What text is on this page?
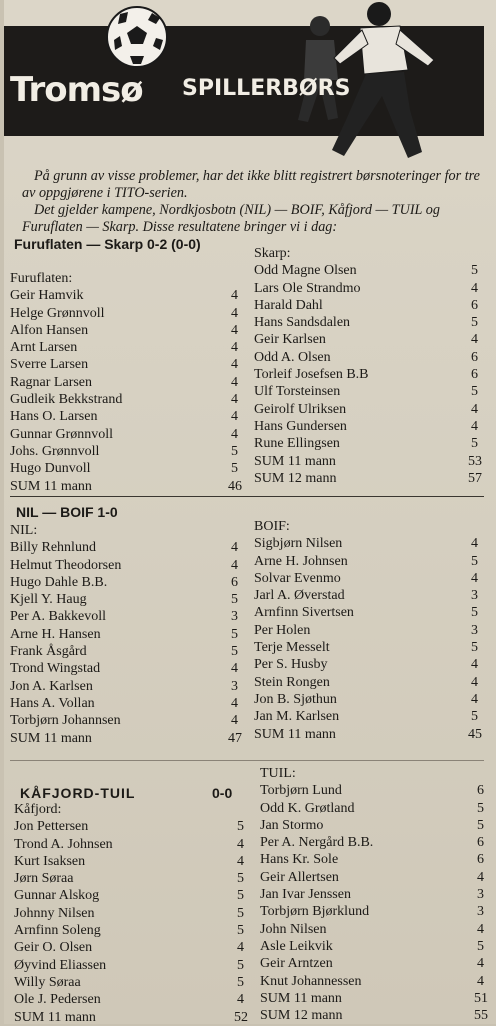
Tromsø SPILLERBØRS

På grunn av visse problemer, har det ikke blitt registrert børsnoteringer for tre av oppgjørene i TITO-serien.

Det gjelder kampene, Nordkjosbotn (NIL) — BOIF, Kåfjord — TUIL og Furuflaten — Skarp. Disse resultatene bringer vi i dag:

Furuflaten — Skarp 0-2 (0-0)
Furuflaten:
Geir Hamvik	4
Helge Grønnvoll	4
Alfon Hansen	4
Arnt Larsen	4
Sverre Larsen	4
Ragnar Larsen	4
Gudleik Bekkstrand	4
Hans O. Larsen	4
Gunnar Grønnvoll	4
Johs. Grønnvoll	5
Hugo Dunvoll	5
SUM 11 mann	46
Skarp:
Odd Magne Olsen	5
Lars Ole Strandmo	4
Harald Dahl	6
Hans Sandsdalen	5
Geir Karlsen	4
Odd A. Olsen	6
Torleif Josefsen B.B	6
Ulf Torsteinsen	5
Geirolf Ulriksen	4
Hans Gundersen	4
Rune Ellingsen	5
SUM 11 mann	53
SUM 12 mann	57
NIL — BOIF 1-0
NIL:
Billy Rehnlund	4
Helmut Theodorsen	4
Hugo Dahle B.B.	6
Kjell Y. Haug	5
Per A. Bakkevoll	3
Arne H. Hansen	5
Frank Åsgård	5
Trond Wingstad	4
Jon A. Karlsen	3
Hans A. Vollan	4
Torbjørn Johannsen	4
SUM 11 mann	47
BOIF:
Sigbjørn Nilsen	4
Arne H. Johnsen	5
Solvar Evenmo	4
Jarl A. Øverstad	3
Arnfinn Sivertsen	5
Per Holen	3
Terje Messelt	5
Per S. Husby	4
Stein Rongen	4
Jon B. Sjøthun	4
Jan M. Karlsen	5
SUM 11 mann	45
KÅFJORD-TUIL	0-0
Kåfjord:
Jon Pettersen	5
Trond A. Johnsen	4
Kurt Isaksen	4
Jørn Søraa	5
Gunnar Alskog	5
Johnny Nilsen	5
Arnfinn Soleng	5
Geir O. Olsen	4
Øyvind Eliassen	5
Willy Søraa	5
Ole J. Pedersen	4
SUM 11 mann	52
TUIL:
Torbjørn Lund	6
Odd K. Grøtland	5
Jan Stormo	5
Per A. Nergård B.B.	6
Hans Kr. Sole	6
Geir Allertsen	4
Jan Ivar Jenssen	3
Torbjørn Bjørklund	3
John Nilsen	4
Asle Leikvik	5
Geir Arntzen	4
Knut Johannessen	4
SUM 11 mann	51
SUM 12 mann	55
